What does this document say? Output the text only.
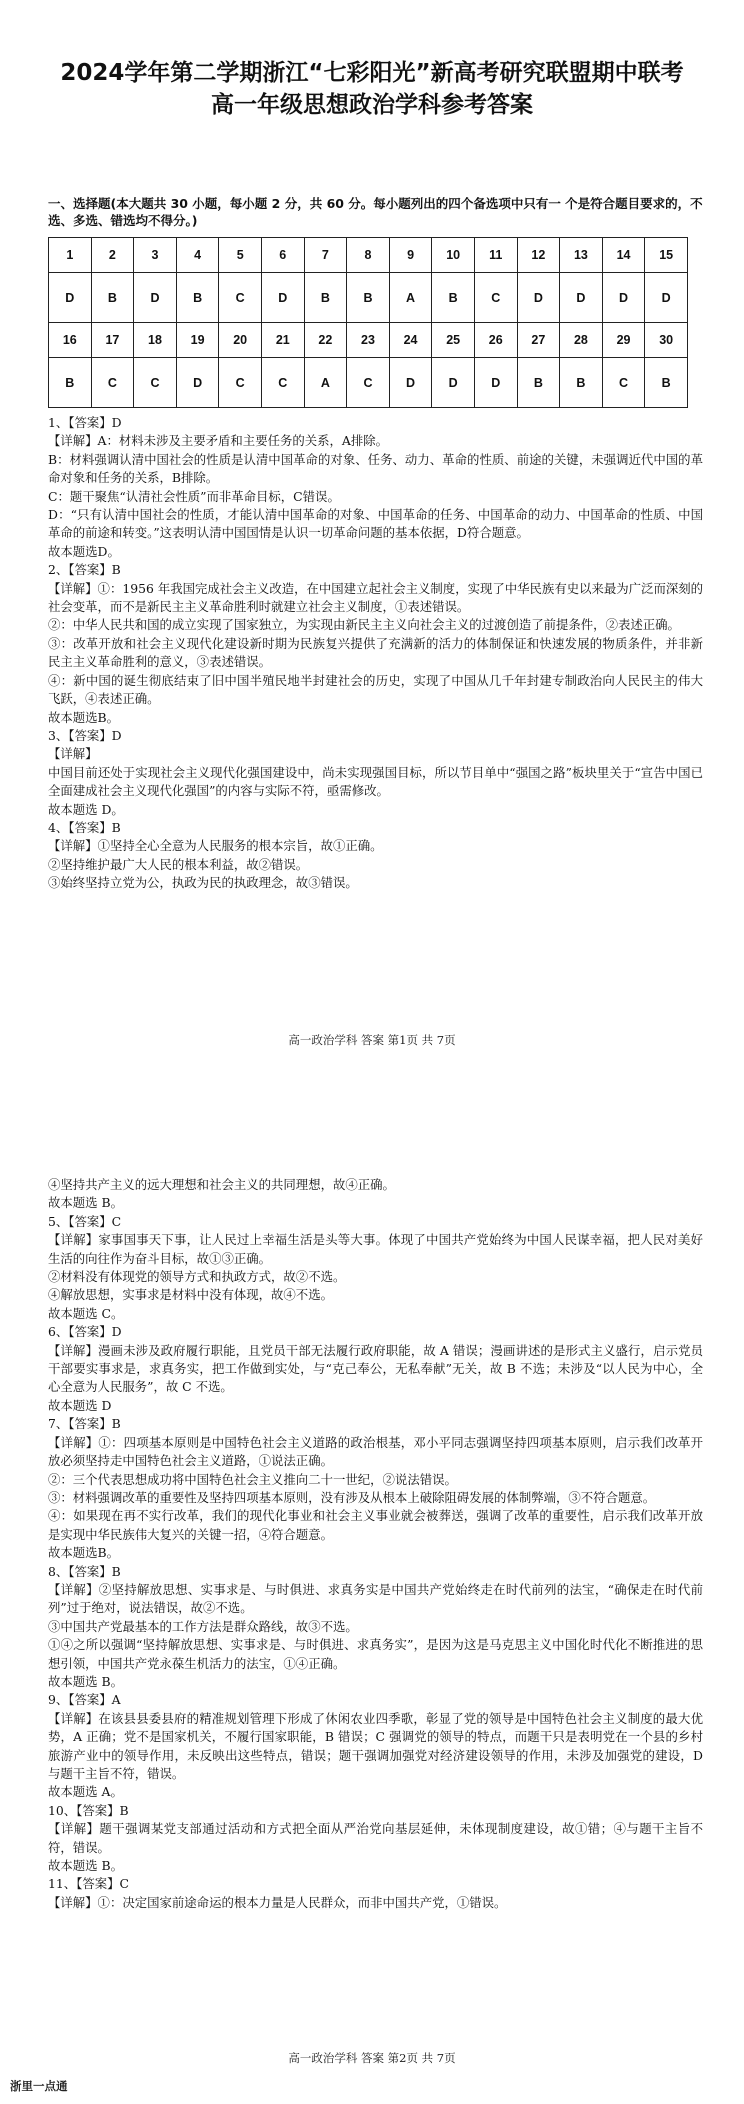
2024学年第二学期浙江“七彩阳光”新高考研究联盟期中联考
高一年级思想政治学科参考答案
一、选择题(本大题共 30 小题，每小题 2 分，共 60 分。每小题列出的四个备选项中只有一 个是符合题目要求的，不选、多选、错选均不得分。)
1	2	3	4	5	6	7	8	9	10	11	12	13	14	15
D	B	D	B	C	D	B	B	A	B	C	D	D	D	D
16	17	18	19	20	21	22	23	24	25	26	27	28	29	30
B	C	C	D	C	C	A	C	D	D	D	B	B	C	B

1、【答案】D

【详解】A：材料未涉及主要矛盾和主要任务的关系，A排除。

B：材料强调认清中国社会的性质是认清中国革命的对象、任务、动力、革命的性质、前途的关键，未强调近代中国的革命对象和任务的关系，B排除。

C：题干聚焦“认清社会性质”而非革命目标，C错误。

D：“只有认清中国社会的性质，才能认清中国革命的对象、中国革命的任务、中国革命的动力、中国革命的性质、中国革命的前途和转变。”这表明认清中国国情是认识一切革命问题的基本依据，D符合题意。

故本题选D。

2、【答案】B

【详解】①：1956 年我国完成社会主义改造，在中国建立起社会主义制度，实现了中华民族有史以来最为广泛而深刻的社会变革，而不是新民主主义革命胜利时就建立社会主义制度，①表述错误。

②：中华人民共和国的成立实现了国家独立，为实现由新民主主义向社会主义的过渡创造了前提条件，②表述正确。

③：改革开放和社会主义现代化建设新时期为民族复兴提供了充满新的活力的体制保证和快速发展的物质条件，并非新民主主义革命胜利的意义，③表述错误。

④：新中国的诞生彻底结束了旧中国半殖民地半封建社会的历史，实现了中国从几千年封建专制政治向人民民主的伟大飞跃，④表述正确。

故本题选B。

3、【答案】D

【详解】

中国目前还处于实现社会主义现代化强国建设中，尚未实现强国目标，所以节目单中“强国之路”板块里关于“宣告中国已全面建成社会主义现代化强国”的内容与实际不符，亟需修改。

故本题选 D。

4、【答案】B

【详解】①坚持全心全意为人民服务的根本宗旨，故①正确。

②坚持维护最广大人民的根本利益，故②错误。

③始终坚持立党为公，执政为民的执政理念，故③错误。

高一政治学科 答案 第1页 共 7页

④坚持共产主义的远大理想和社会主义的共同理想，故④正确。

故本题选 B。

5、【答案】C

【详解】家事国事天下事，让人民过上幸福生活是头等大事。体现了中国共产党始终为中国人民谋幸福，把人民对美好生活的向往作为奋斗目标，故①③正确。

②材料没有体现党的领导方式和执政方式，故②不选。

④解放思想，实事求是材料中没有体现，故④不选。

故本题选 C。

6、【答案】D

【详解】漫画未涉及政府履行职能，且党员干部无法履行政府职能，故 A 错误；漫画讲述的是形式主义盛行，启示党员干部要实事求是，求真务实，把工作做到实处，与“克己奉公，无私奉献”无关，故 B 不选；未涉及“以人民为中心，全心全意为人民服务”，故 C 不选。

故本题选 D

7、【答案】B

【详解】①：四项基本原则是中国特色社会主义道路的政治根基，邓小平同志强调坚持四项基本原则，启示我们改革开放必须坚持走中国特色社会主义道路，①说法正确。

②：三个代表思想成功将中国特色社会主义推向二十一世纪，②说法错误。

③：材料强调改革的重要性及坚持四项基本原则，没有涉及从根本上破除阻碍发展的体制弊端，③不符合题意。

④：如果现在再不实行改革，我们的现代化事业和社会主义事业就会被葬送，强调了改革的重要性，启示我们改革开放是实现中华民族伟大复兴的关键一招，④符合题意。

故本题选B。

8、【答案】B

【详解】②坚持解放思想、实事求是、与时俱进、求真务实是中国共产党始终走在时代前列的法宝，“确保走在时代前列”过于绝对，说法错误，故②不选。

③中国共产党最基本的工作方法是群众路线，故③不选。

①④之所以强调“坚持解放思想、实事求是、与时俱进、求真务实”，是因为这是马克思主义中国化时代化不断推进的思想引领，中国共产党永葆生机活力的法宝，①④正确。

故本题选 B。

9、【答案】A

【详解】在该县县委县府的精准规划管理下形成了休闲农业四季歌，彰显了党的领导是中国特色社会主义制度的最大优势，A 正确；党不是国家机关，不履行国家职能，B 错误；C 强调党的领导的特点，而题干只是表明党在一个县的乡村旅游产业中的领导作用，未反映出这些特点，错误；题干强调加强党对经济建设领导的作用，未涉及加强党的建设，D 与题干主旨不符，错误。

故本题选 A。

10、【答案】B

【详解】题干强调某党支部通过活动和方式把全面从严治党向基层延伸，未体现制度建设，故①错；④与题干主旨不符，错误。

故本题选 B。

11、【答案】C

【详解】①：决定国家前途命运的根本力量是人民群众，而非中国共产党，①错误。

高一政治学科 答案 第2页 共 7页
浙里一点通
